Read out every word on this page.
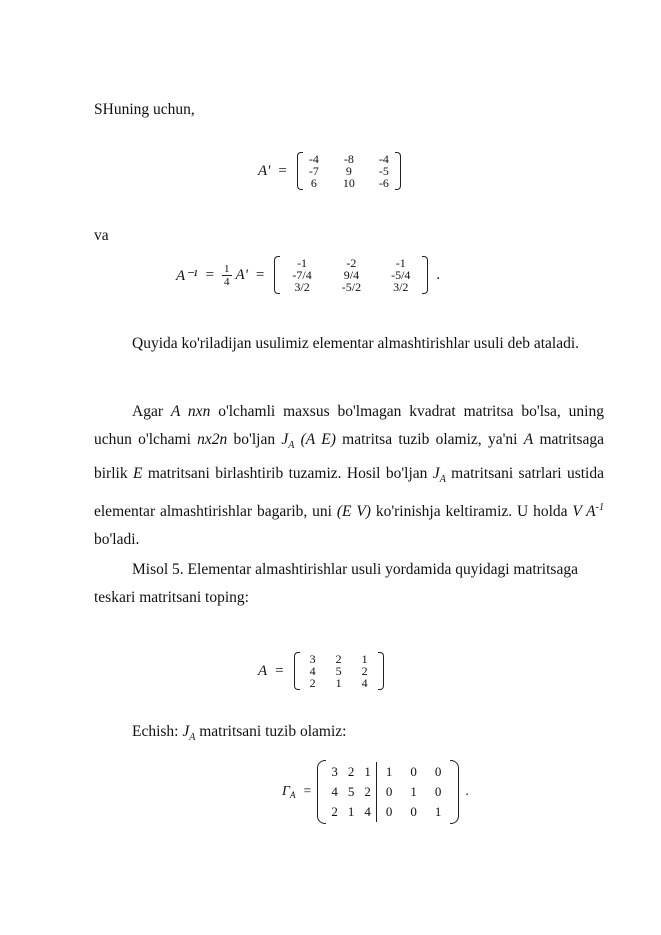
SHuning uchun,
A' =
-4	-8	-4
-7	9	-5
6	10	-6
va
$A^{-1} = \frac{1}{4} A'$ =
-1	-2	-1
-7/4	9/4	-5/4
3/2	-5/2	3/2
.
Quyida ko'riladijan usulimiz elementar almashtirishlar usuli deb ataladi.
Agar A nxn o'lchamli maxsus bo'lmagan kvadrat matritsa bo'lsa, uning uchun o'lchami nx2n bo'ljan $J_A$ (A E) matritsa tuzib olamiz, ya'ni A matritsaga birlik E matritsani birlashtirib tuzamiz. Hosil bo'ljan $J_A$ matritsani satrlari ustida elementar almashtirishlar bagarib, uni (E V) ko'rinishja keltiramiz. U holda V $A^{-1}$ bo'ladi.
Misol 5. Elementar almashtirishlar usuli yordamida quyidagi matritsaga teskari matritsani toping:
A =
3	2	1
4	5	2
2	1	4
Echish: $J_A$ matritsani tuzib olamiz:
Γ A =
3	2	1	1	0	0
4	5	2	0	1	0
2	1	4	0	0	1
.
